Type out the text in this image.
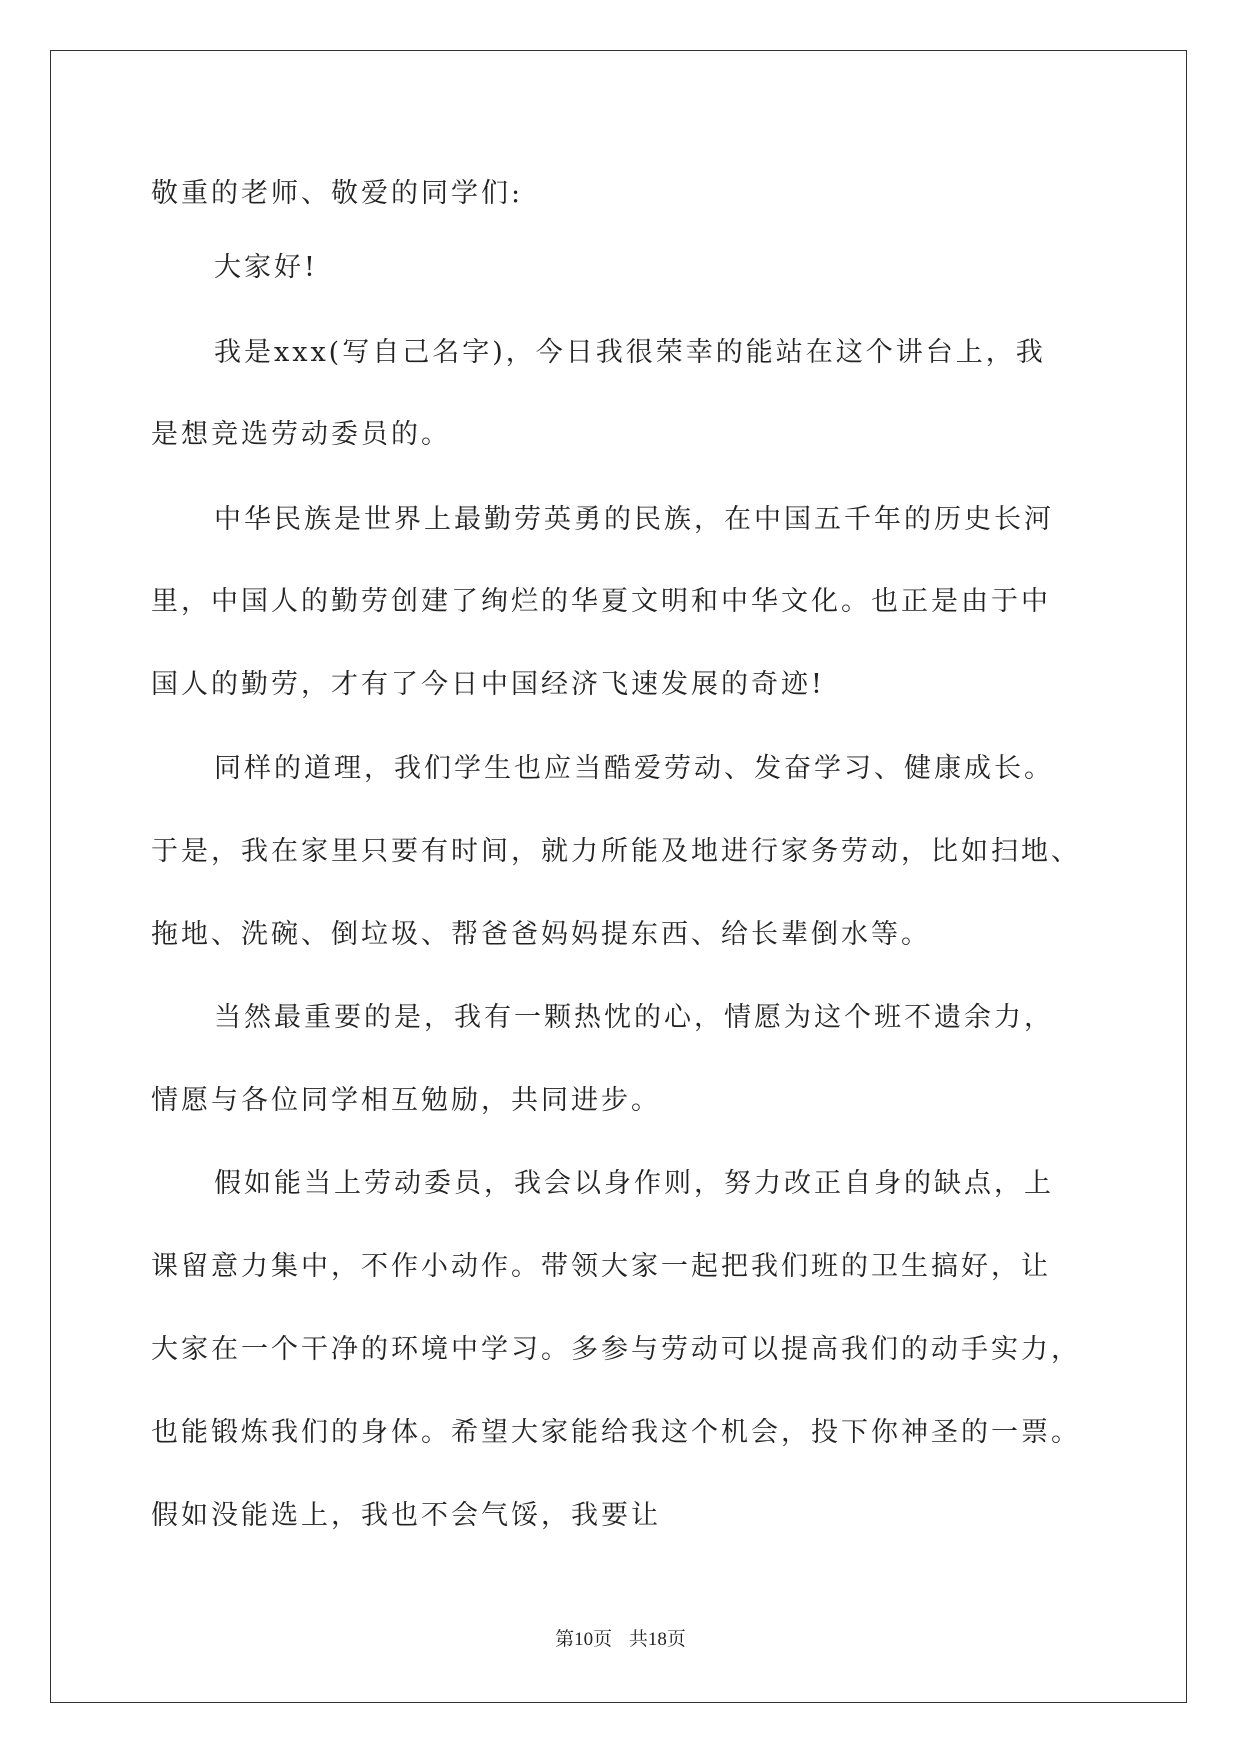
敬重的老师、敬爱的同学们:

大家好!

我是xxx(写自己名字)，今日我很荣幸的能站在这个讲台上，我

是想竞选劳动委员的。

中华民族是世界上最勤劳英勇的民族，在中国五千年的历史长河

里，中国人的勤劳创建了绚烂的华夏文明和中华文化。也正是由于中

国人的勤劳，才有了今日中国经济飞速发展的奇迹!

同样的道理，我们学生也应当酷爱劳动、发奋学习、健康成长。

于是，我在家里只要有时间，就力所能及地进行家务劳动，比如扫地、

拖地、洗碗、倒垃圾、帮爸爸妈妈提东西、给长辈倒水等。

当然最重要的是，我有一颗热忱的心，情愿为这个班不遗余力，

情愿与各位同学相互勉励，共同进步。

假如能当上劳动委员，我会以身作则，努力改正自身的缺点，上

课留意力集中，不作小动作。带领大家一起把我们班的卫生搞好，让

大家在一个干净的环境中学习。多参与劳动可以提高我们的动手实力，

也能锻炼我们的身体。希望大家能给我这个机会，投下你神圣的一票。

假如没能选上，我也不会气馁，我要让

第10页 共18页
